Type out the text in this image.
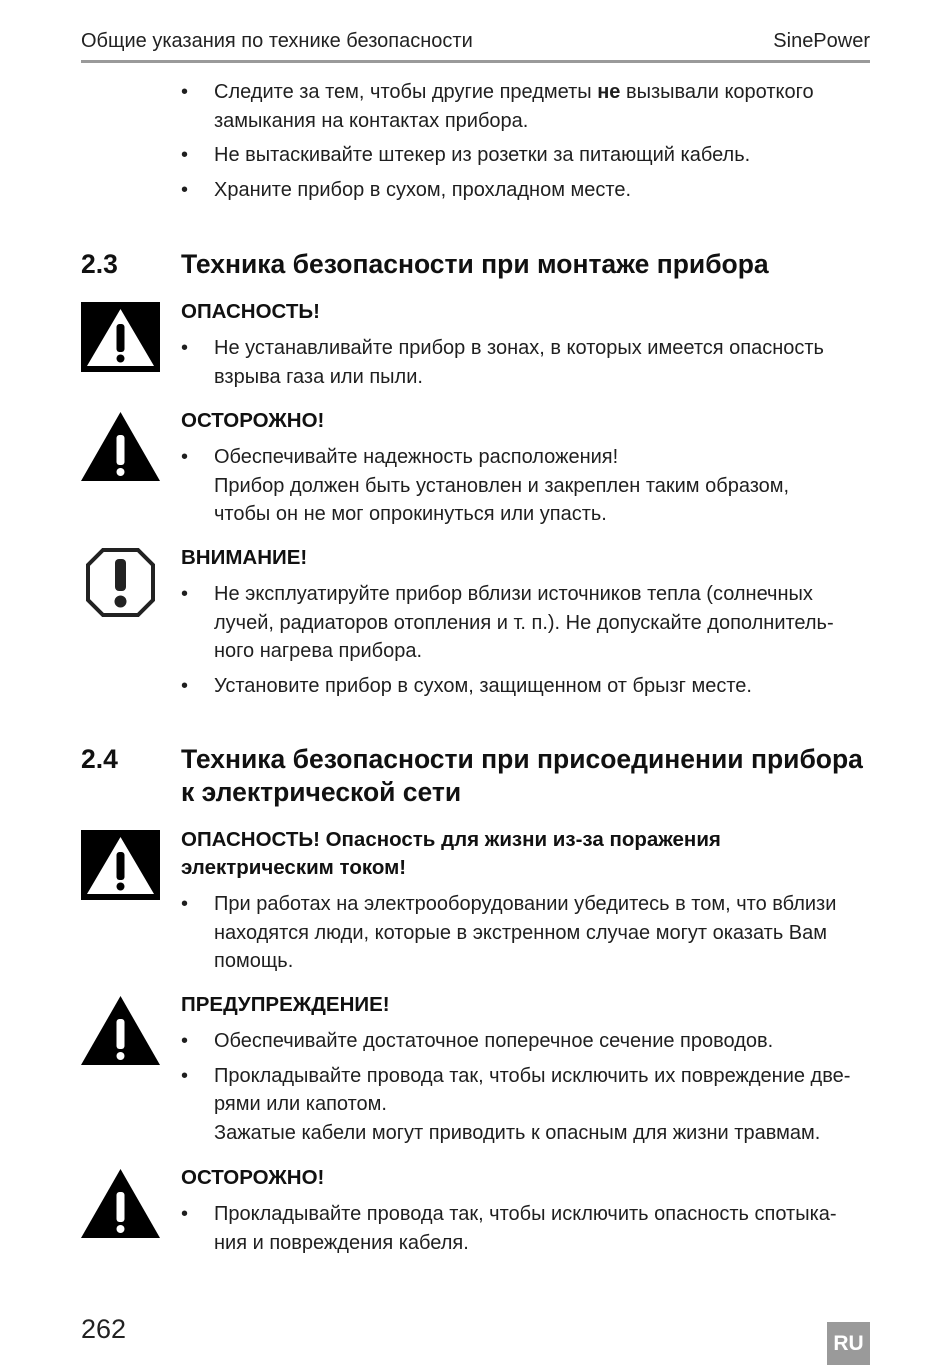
Общие указания по технике безопасности	SinePower
• Следите за тем, чтобы другие предметы не вызывали короткого
замыкания на контактах прибора.
• Не вытаскивайте штекер из розетки за питающий кабель.
• Храните прибор в сухом, прохладном месте.
2.3 Техника безопасности при монтаже прибора
ОПАСНОСТЬ!
• Не устанавливайте прибор в зонах, в которых имеется опасность
взрыва газа или пыли.
ОСТОРОЖНО!
• Обеспечивайте надежность расположения!
Прибор должен быть установлен и закреплен таким образом,
чтобы он не мог опрокинуться или упасть.
ВНИМАНИЕ!
• Не эксплуатируйте прибор вблизи источников тепла (солнечных
лучей, радиаторов отопления и т. п.). Не допускайте дополнитель-
ного нагрева прибора.
• Установите прибор в сухом, защищенном от брызг месте.
2.4 Техника безопасности при присоединении прибора
к электрической сети
ОПАСНОСТЬ! Опасность для жизни из-за поражения
электрическим током!
• При работах на электрооборудовании убедитесь в том, что вблизи
находятся люди, которые в экстренном случае могут оказать Вам
помощь.
ПРЕДУПРЕЖДЕНИЕ!
• Обеспечивайте достаточное поперечное сечение проводов.
• Прокладывайте провода так, чтобы исключить их повреждение две-
рями или капотом.
Зажатые кабели могут приводить к опасным для жизни травмам.
ОСТОРОЖНО!
• Прокладывайте провода так, чтобы исключить опасность спотыка-
ния и повреждения кабеля.
262	RU
